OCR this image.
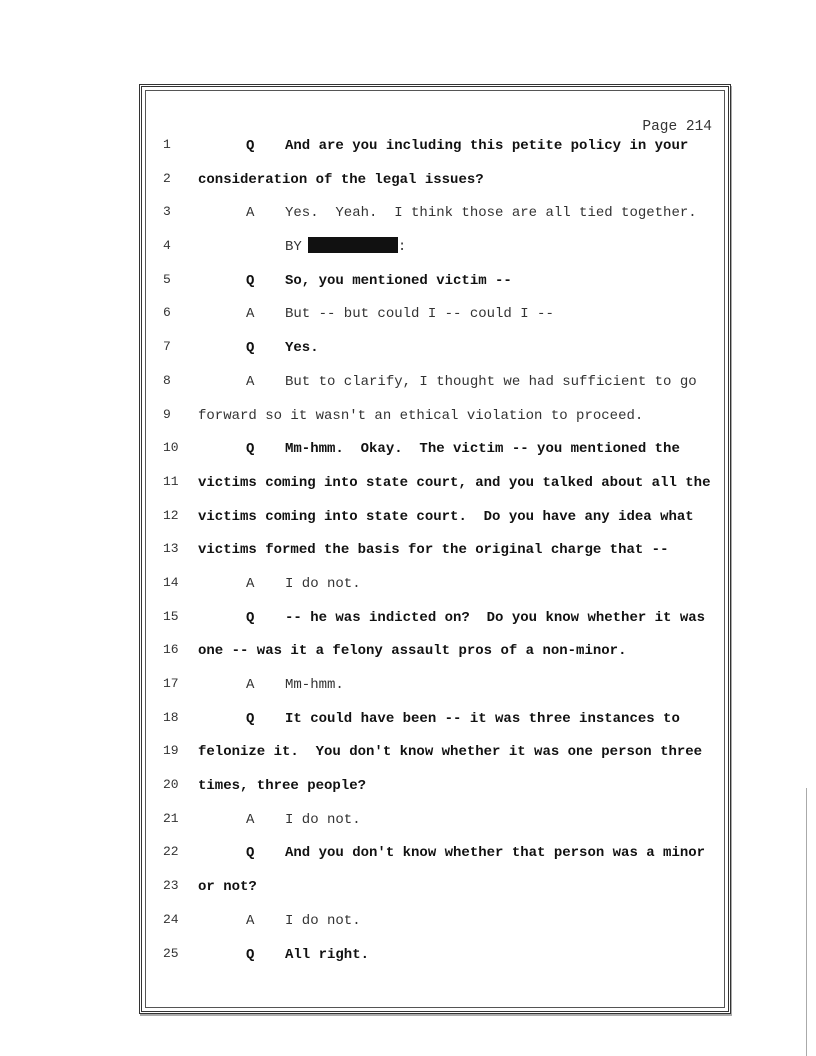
Page 214
1	Q And are you including this petite policy in your
2 consideration of the legal issues?
3	A Yes.  Yeah.  I think those are all tied together.
4	BY	:
5	Q So, you mentioned victim --
6	A But -- but could I -- could I --
7	Q Yes.
8	A But to clarify, I thought we had sufficient to go
9 forward so it wasn't an ethical violation to proceed.
10	Q Mm-hmm.  Okay.  The victim -- you mentioned the
11 victims coming into state court, and you talked about all the
12 victims coming into state court.  Do you have any idea what
13 victims formed the basis for the original charge that --
14	A I do not.
15	Q -- he was indicted on?  Do you know whether it was
16 one -- was it a felony assault pros of a non-minor.
17	A Mm-hmm.
18	Q It could have been -- it was three instances to
19 felonize it.  You don't know whether it was one person three
20 times, three people?
21	A I do not.
22	Q And you don't know whether that person was a minor
23 or not?
24	A I do not.
25	Q All right.
